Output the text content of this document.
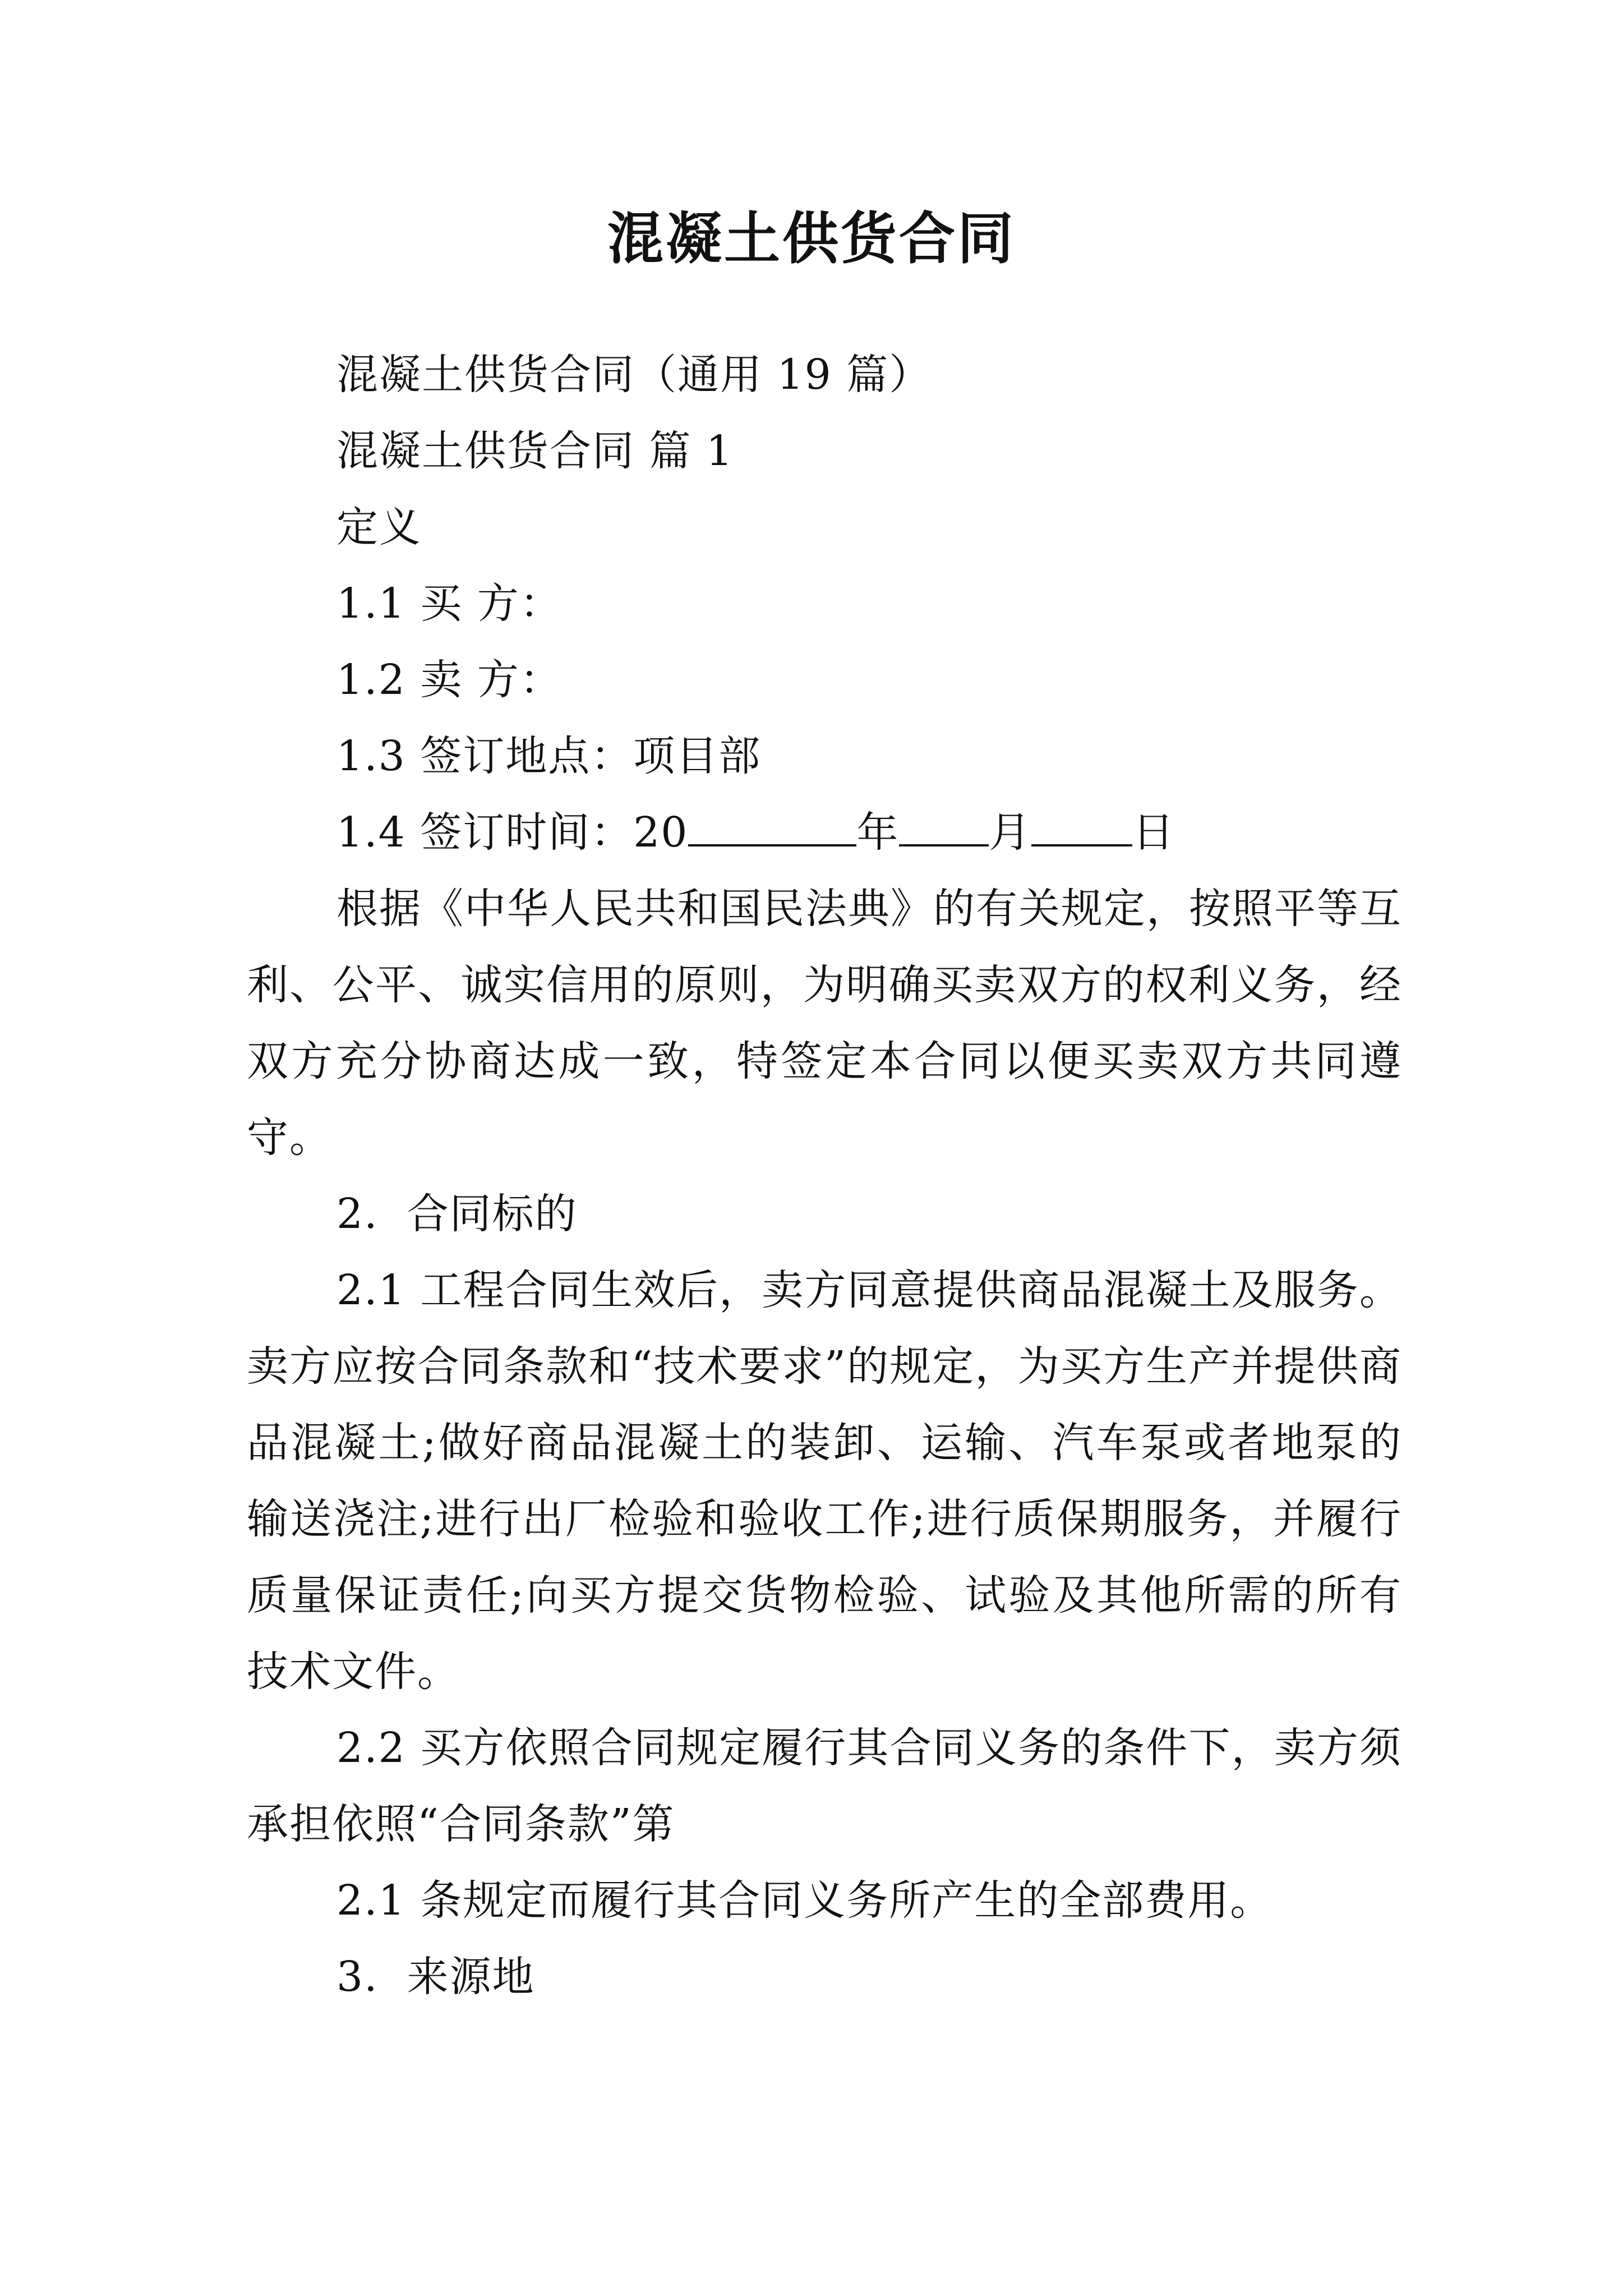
混凝土供货合同

混凝土供货合同（通用 19 篇）

混凝土供货合同 篇 1

定义

1.1 买 方：

1.2 卖 方：

1.3 签订地点：项目部

1.4 签订时间：20	年 月 日

根据《中华人民共和国民法典》的有关规定，按照平等互利、公平、诚实信用的原则，为明确买卖双方的权利义务，经双方充分协商达成一致，特签定本合同以便买卖双方共同遵守。

2.  合同标的

2.1 工程合同生效后，卖方同意提供商品混凝土及服务。卖方应按合同条款和“技术要求”的规定，为买方生产并提供商品混凝土;做好商品混凝土的装卸、运输、汽车泵或者地泵的输送浇注;进行出厂检验和验收工作;进行质保期服务，并履行质量保证责任;向买方提交货物检验、试验及其他所需的所有技术文件。

2.2 买方依照合同规定履行其合同义务的条件下，卖方须承担依照“合同条款”第

2.1 条规定而履行其合同义务所产生的全部费用。

3.  来源地
